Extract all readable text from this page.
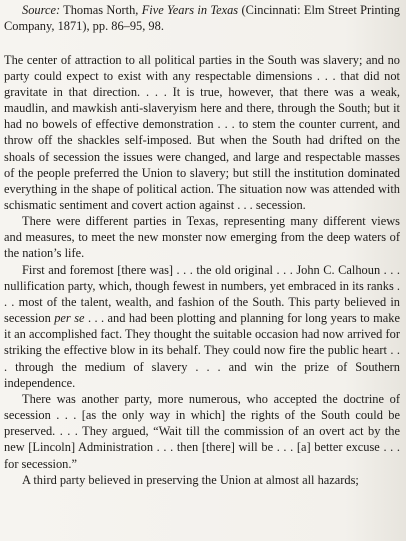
Source: Thomas North, Five Years in Texas (Cincinnati: Elm Street Printing Company, 1871), pp. 86–95, 98.

The center of attraction to all political parties in the South was slavery; and no party could expect to exist with any respectable dimensions . . . that did not gravitate in that direction. . . . It is true, however, that there was a weak, maudlin, and mawkish anti-slaveryism here and there, through the South; but it had no bowels of effective demonstration . . . to stem the counter current, and throw off the shackles self-imposed. But when the South had drifted on the shoals of secession the issues were changed, and large and respectable masses of the people preferred the Union to slavery; but still the institution dominated everything in the shape of political action. The situation now was attended with schismatic sentiment and covert action against . . . secession.

There were different parties in Texas, representing many different views and measures, to meet the new monster now emerging from the deep waters of the nation’s life.

First and foremost [there was] . . . the old original . . . John C. Calhoun . . . nullification party, which, though fewest in numbers, yet embraced in its ranks . . . most of the talent, wealth, and fashion of the South. This party believed in secession per se . . . and had been plotting and planning for long years to make it an accomplished fact. They thought the suitable occasion had now arrived for striking the effective blow in its behalf. They could now fire the public heart . . . through the medium of slavery . . . and win the prize of Southern independence.

There was another party, more numerous, who accepted the doctrine of secession . . . [as the only way in which] the rights of the South could be preserved. . . . They argued, “Wait till the commission of an overt act by the new [Lincoln] Administration . . . then [there] will be . . . [a] better excuse . . . for secession.”

A third party believed in preserving the Union at almost all hazards;
